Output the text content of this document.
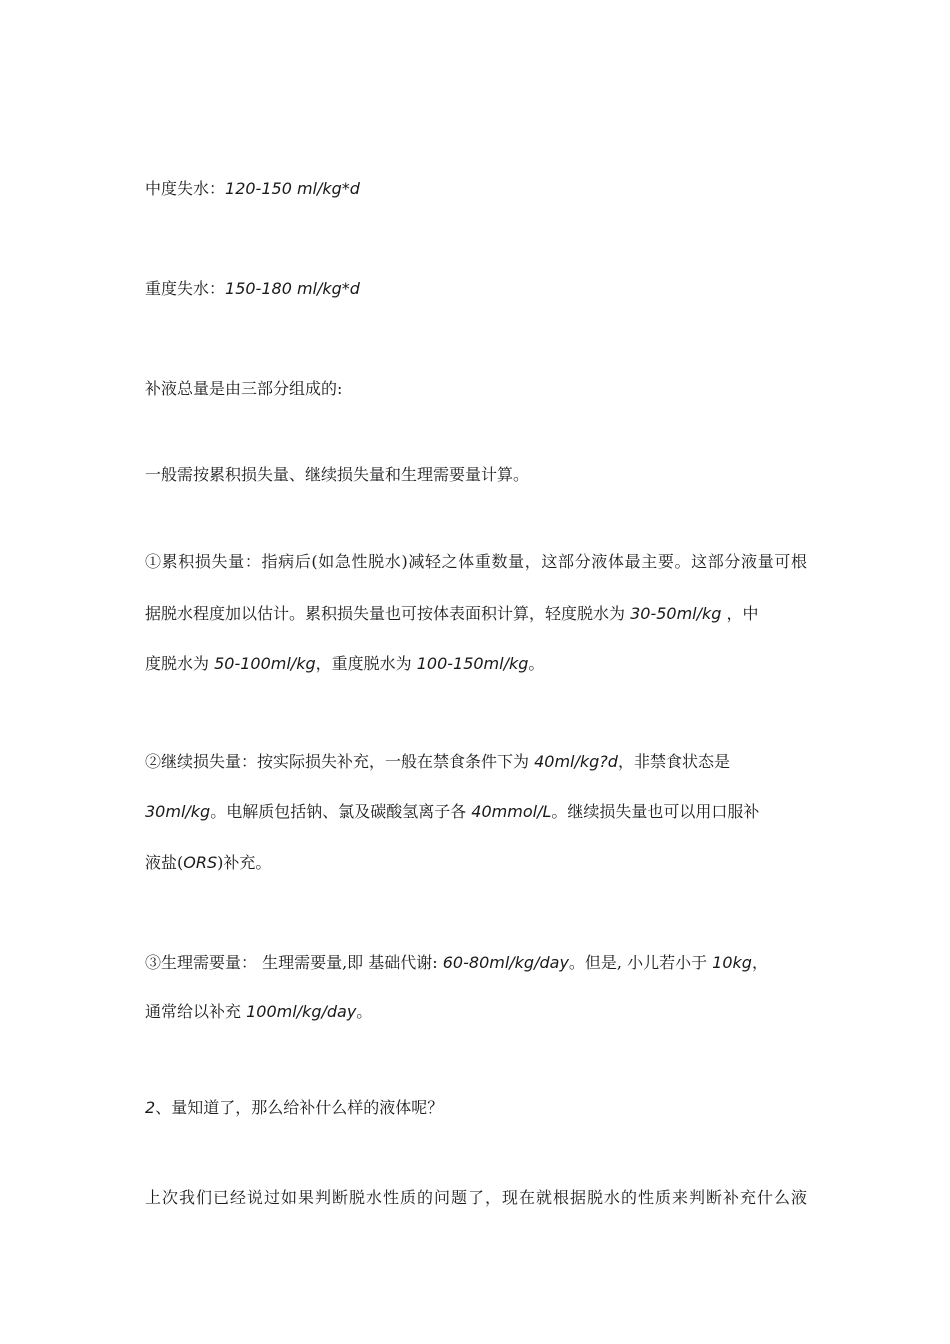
中度失水：120-150 ml/kg*d
重度失水：150-180 ml/kg*d
补液总量是由三部分组成的:
一般需按累积损失量、继续损失量和生理需要量计算。
①累积损失量：指病后(如急性脱水)减轻之体重数量，这部分液体最主要。这部分液量可根
据脱水程度加以估计。累积损失量也可按体表面积计算，轻度脱水为 30-50ml/kg ，中
度脱水为 50-100ml/kg，重度脱水为 100-150ml/kg。
②继续损失量：按实际损失补充，一般在禁食条件下为 40ml/kg?d，非禁食状态是
30ml/kg。电解质包括钠、氯及碳酸氢离子各 40mmol/L。继续损失量也可以用口服补
液盐(ORS)补充。
③生理需要量： 生理需要量,即 基础代谢: 60-80ml/kg/day。但是, 小儿若小于 10kg，
通常给以补充 100ml/kg/day。
2、量知道了，那么给补什么样的液体呢？
上次我们已经说过如果判断脱水性质的问题了，现在就根据脱水的性质来判断补充什么液
